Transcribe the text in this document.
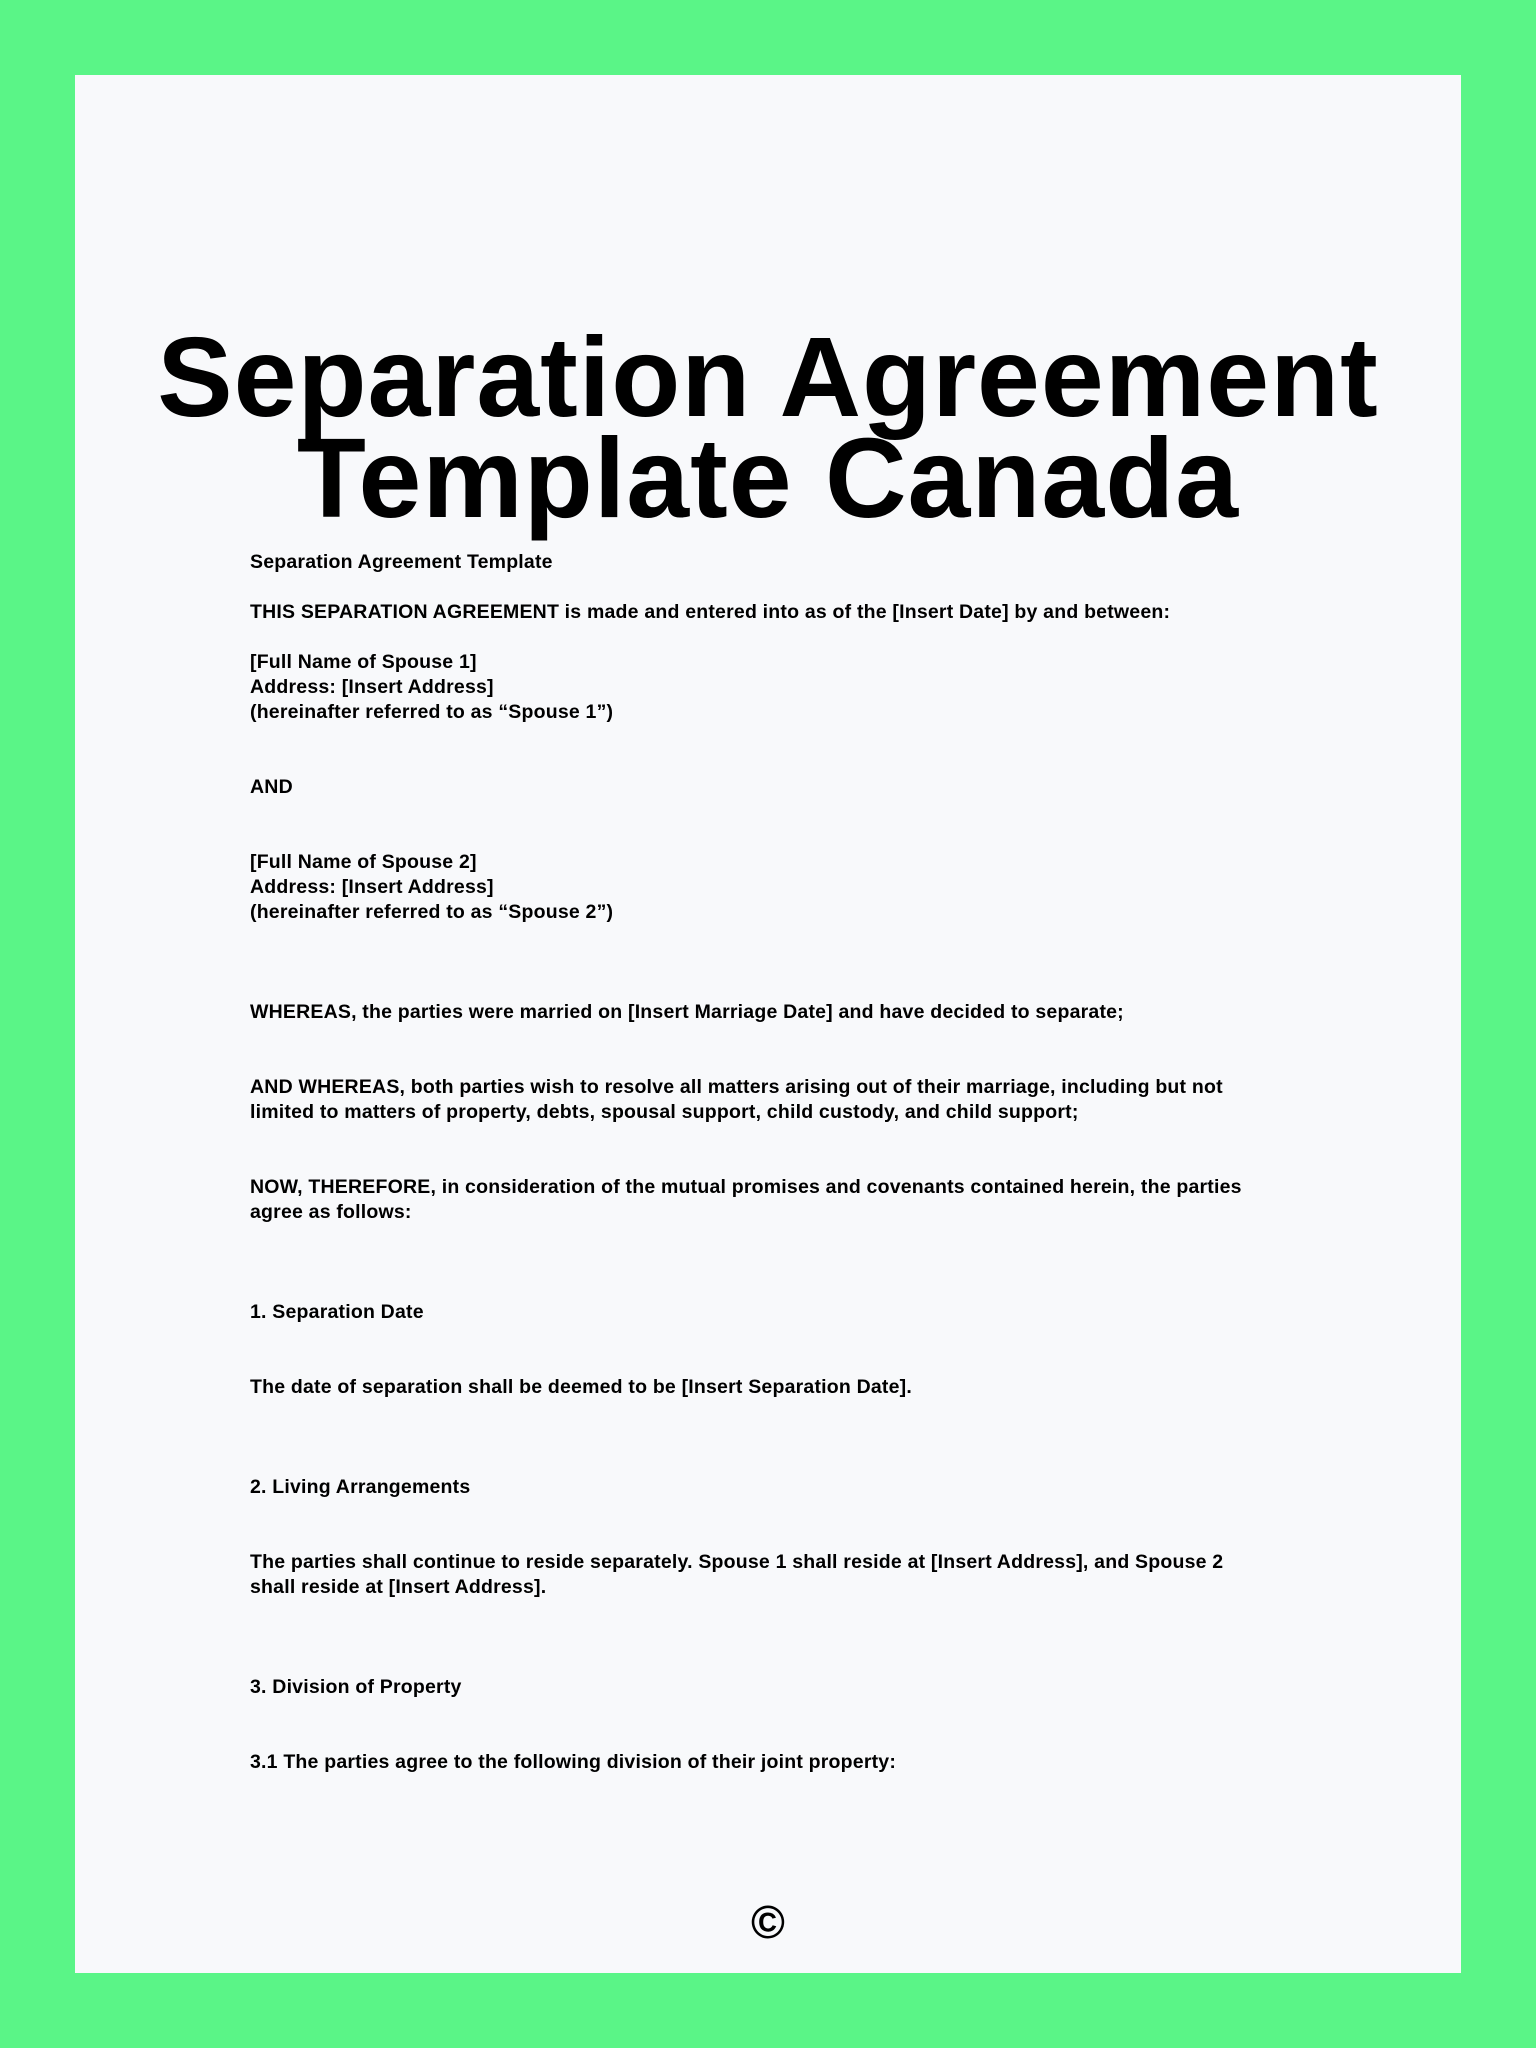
Separation Agreement
Template Canada

Separation Agreement Template

THIS SEPARATION AGREEMENT is made and entered into as of the [Insert Date] by and between:

[Full Name of Spouse 1]
Address: [Insert Address]
(hereinafter referred to as “Spouse 1”)

AND

[Full Name of Spouse 2]
Address: [Insert Address]
(hereinafter referred to as “Spouse 2”)

WHEREAS, the parties were married on [Insert Marriage Date] and have decided to separate;

AND WHEREAS, both parties wish to resolve all matters arising out of their marriage, including but not
limited to matters of property, debts, spousal support, child custody, and child support;

NOW, THEREFORE, in consideration of the mutual promises and covenants contained herein, the parties
agree as follows:

1. Separation Date

The date of separation shall be deemed to be [Insert Separation Date].

2. Living Arrangements

The parties shall continue to reside separately. Spouse 1 shall reside at [Insert Address], and Spouse 2
shall reside at [Insert Address].

3. Division of Property

3.1 The parties agree to the following division of their joint property:

©
